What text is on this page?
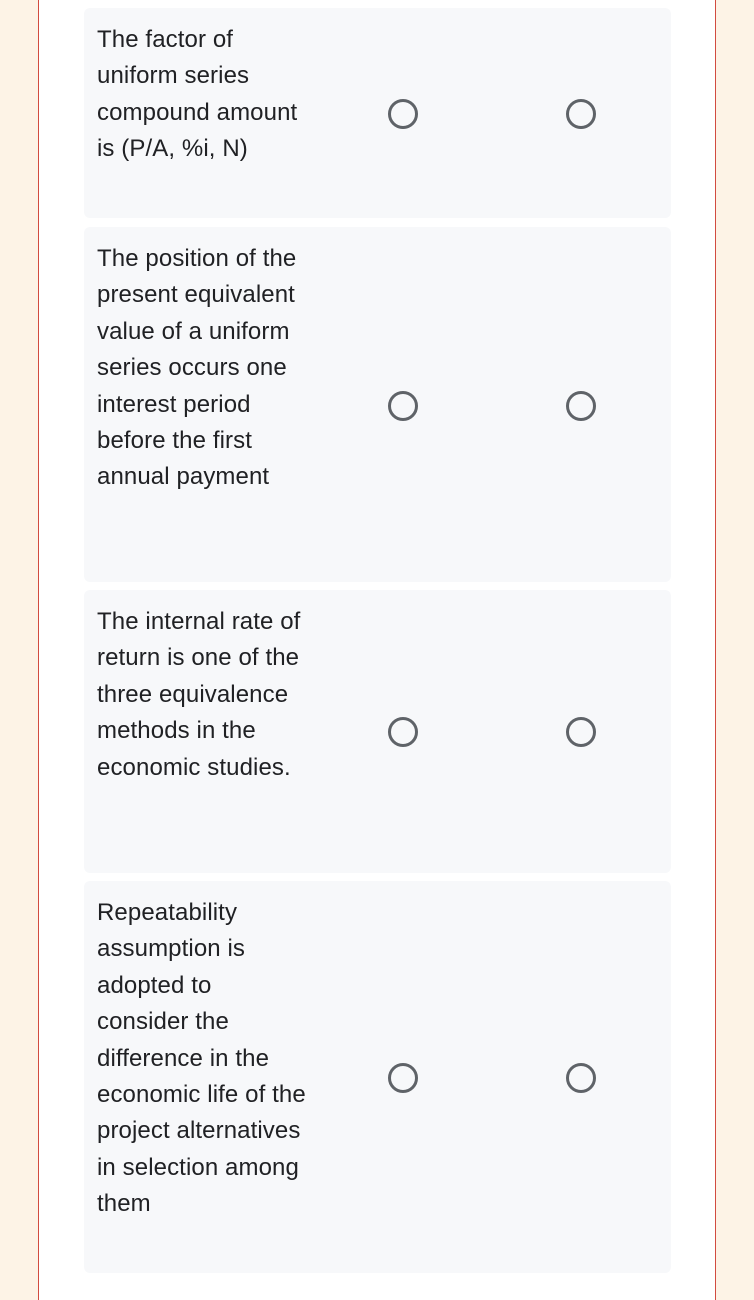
The factor of uniform series compound amount is (P/A, %i, N)
The position of the present equivalent value of a uniform series occurs one interest period before the first annual payment
The internal rate of return is one of the three equivalence methods in the economic studies.
Repeatability assumption is adopted to consider the difference in the economic life of the project alternatives in selection among them
